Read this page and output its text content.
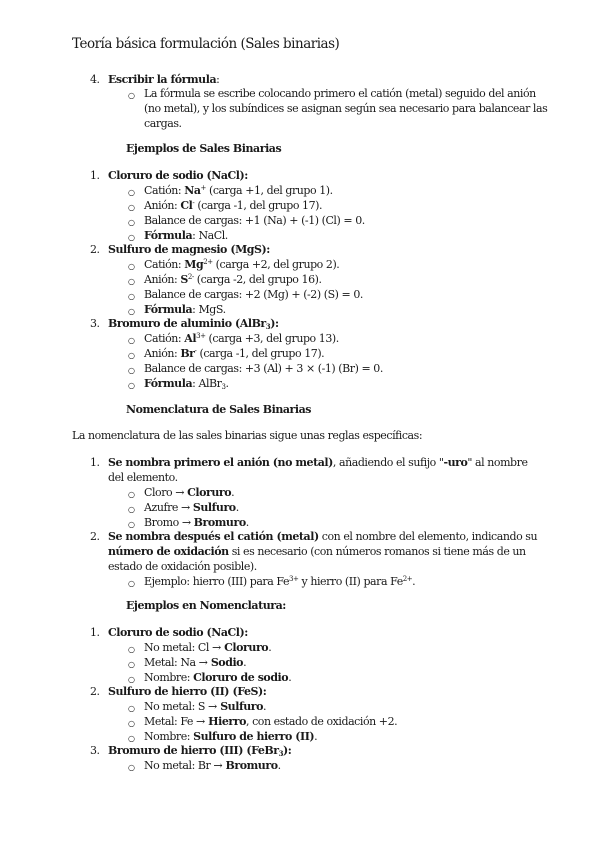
Teoría básica formulación (Sales binarias)
4. Escribir la fórmula:
○ La fórmula se escribe colocando primero el catión (metal) seguido del anión
(no metal), y los subíndices se asignan según sea necesario para balancear las
cargas.
Ejemplos de Sales Binarias
1. Cloruro de sodio (NaCl):
○ Catión: Na+ (carga +1, del grupo 1).
○ Anión: Cl- (carga -1, del grupo 17).
○ Balance de cargas: +1 (Na) + (-1) (Cl) = 0.
○ Fórmula: NaCl.
2. Sulfuro de magnesio (MgS):
○ Catión: $Mg^{2+}$ (carga +2, del grupo 2).
○ Anión: $S^{2-}$ (carga -2, del grupo 16).
○ Balance de cargas: +2 (Mg) + (-2) (S) = 0.
○ Fórmula: MgS.
3. Bromuro de aluminio (AlBr$_3$):
○ Catión: $Al^{3+}$ (carga +3, del grupo 13).
○ Anión: Br- (carga -1, del grupo 17).
○ Balance de cargas: +3 (Al) + 3 × (-1) (Br) = 0.
○ Fórmula: AlBr$_3$.
Nomenclatura de Sales Binarias
La nomenclatura de las sales binarias sigue unas reglas específicas:
1. Se nombra primero el anión (no metal), añadiendo el sufijo "-uro" al nombre
del elemento.
○ Cloro → Cloruro.
○ Azufre → Sulfuro.
○ Bromo → Bromuro.
2. Se nombra después el catión (metal) con el nombre del elemento, indicando su
número de oxidación si es necesario (con números romanos si tiene más de un
estado de oxidación posible).
○ Ejemplo: hierro (III) para $Fe^{3+}$ y hierro (II) para $Fe^{2+}$.
Ejemplos en Nomenclatura:
1. Cloruro de sodio (NaCl):
○ No metal: Cl → Cloruro.
○ Metal: Na → Sodio.
○ Nombre: Cloruro de sodio.
2. Sulfuro de hierro (II) (FeS):
○ No metal: S → Sulfuro.
○ Metal: Fe → Hierro, con estado de oxidación +2.
○ Nombre: Sulfuro de hierro (II).
3. Bromuro de hierro (III) (FeBr$_3$):
○ No metal: Br → Bromuro.
